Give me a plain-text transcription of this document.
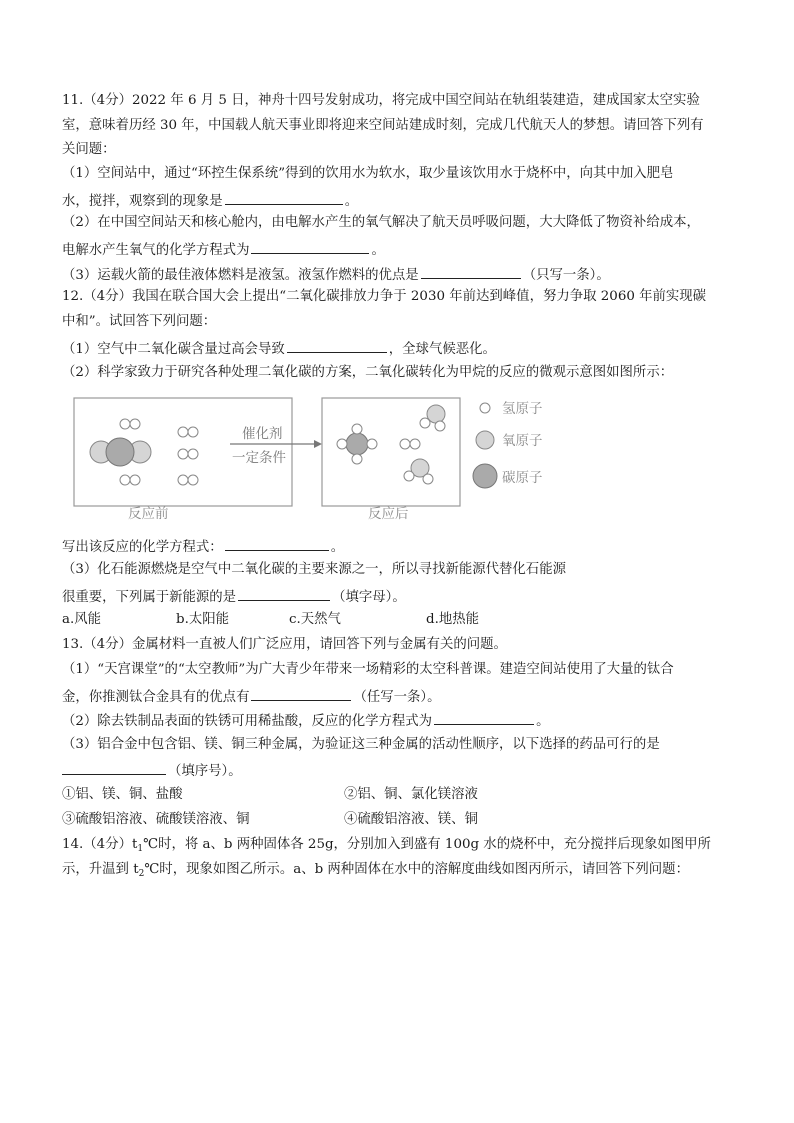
11.（4分）2022 年 6 月 5 日，神舟十四号发射成功，将完成中国空间站在轨组装建造，建成国家太空实验
室，意味着历经 30 年，中国载人航天事业即将迎来空间站建成时刻，完成几代航天人的梦想。请回答下列有
关问题：
（1）空间站中，通过“环控生保系统”得到的饮用水为软水，取少量该饮用水于烧杯中，向其中加入肥皂
水，搅拌，观察到的现象是	。
（2）在中国空间站天和核心舱内，由电解水产生的氧气解决了航天员呼吸问题，大大降低了物资补给成本，
电解水产生氧气的化学方程式为	。
（3）运载火箭的最佳液体燃料是液氢。液氢作燃料的优点是	（只写一条）。
12.（4分）我国在联合国大会上提出“二氧化碳排放力争于 2030 年前达到峰值，努力争取 2060 年前实现碳
中和”。试回答下列问题：
（1）空气中二氧化碳含量过高会导致	，全球气候恶化。
（2）科学家致力于研究各种处理二氧化碳的方案，二氧化碳转化为甲烷的反应的微观示意图如图所示：
反应前
催化剂
一定条件
反应后
氢原子
氧原子
碳原子
写出该反应的化学方程式：	。
（3）化石能源燃烧是空气中二氧化碳的主要来源之一，所以寻找新能源代替化石能源
很重要，下列属于新能源的是	（填字母）。
a.风能	b.太阳能	c.天然气	d.地热能
13.（4分）金属材料一直被人们广泛应用，请回答下列与金属有关的问题。
（1）“天宫课堂”的“太空教师”为广大青少年带来一场精彩的太空科普课。建造空间站使用了大量的钛合
金，你推测钛合金具有的优点有	（任写一条）。
（2）除去铁制品表面的铁锈可用稀盐酸，反应的化学方程式为	。
（3）铝合金中包含铝、镁、铜三种金属，为验证这三种金属的活动性顺序，以下选择的药品可行的是
（填序号）。
①铝、镁、铜、盐酸	②铝、铜、氯化镁溶液
③硫酸铝溶液、硫酸镁溶液、铜	④硫酸铝溶液、镁、铜
14.（4分）$t_1℃$时，将 a、b 两种固体各 25g，分别加入到盛有 100g 水的烧杯中，充分搅拌后现象如图甲所
示，升温到 $t_2℃$时，现象如图乙所示。a、b 两种固体在水中的溶解度曲线如图丙所示，请回答下列问题：
